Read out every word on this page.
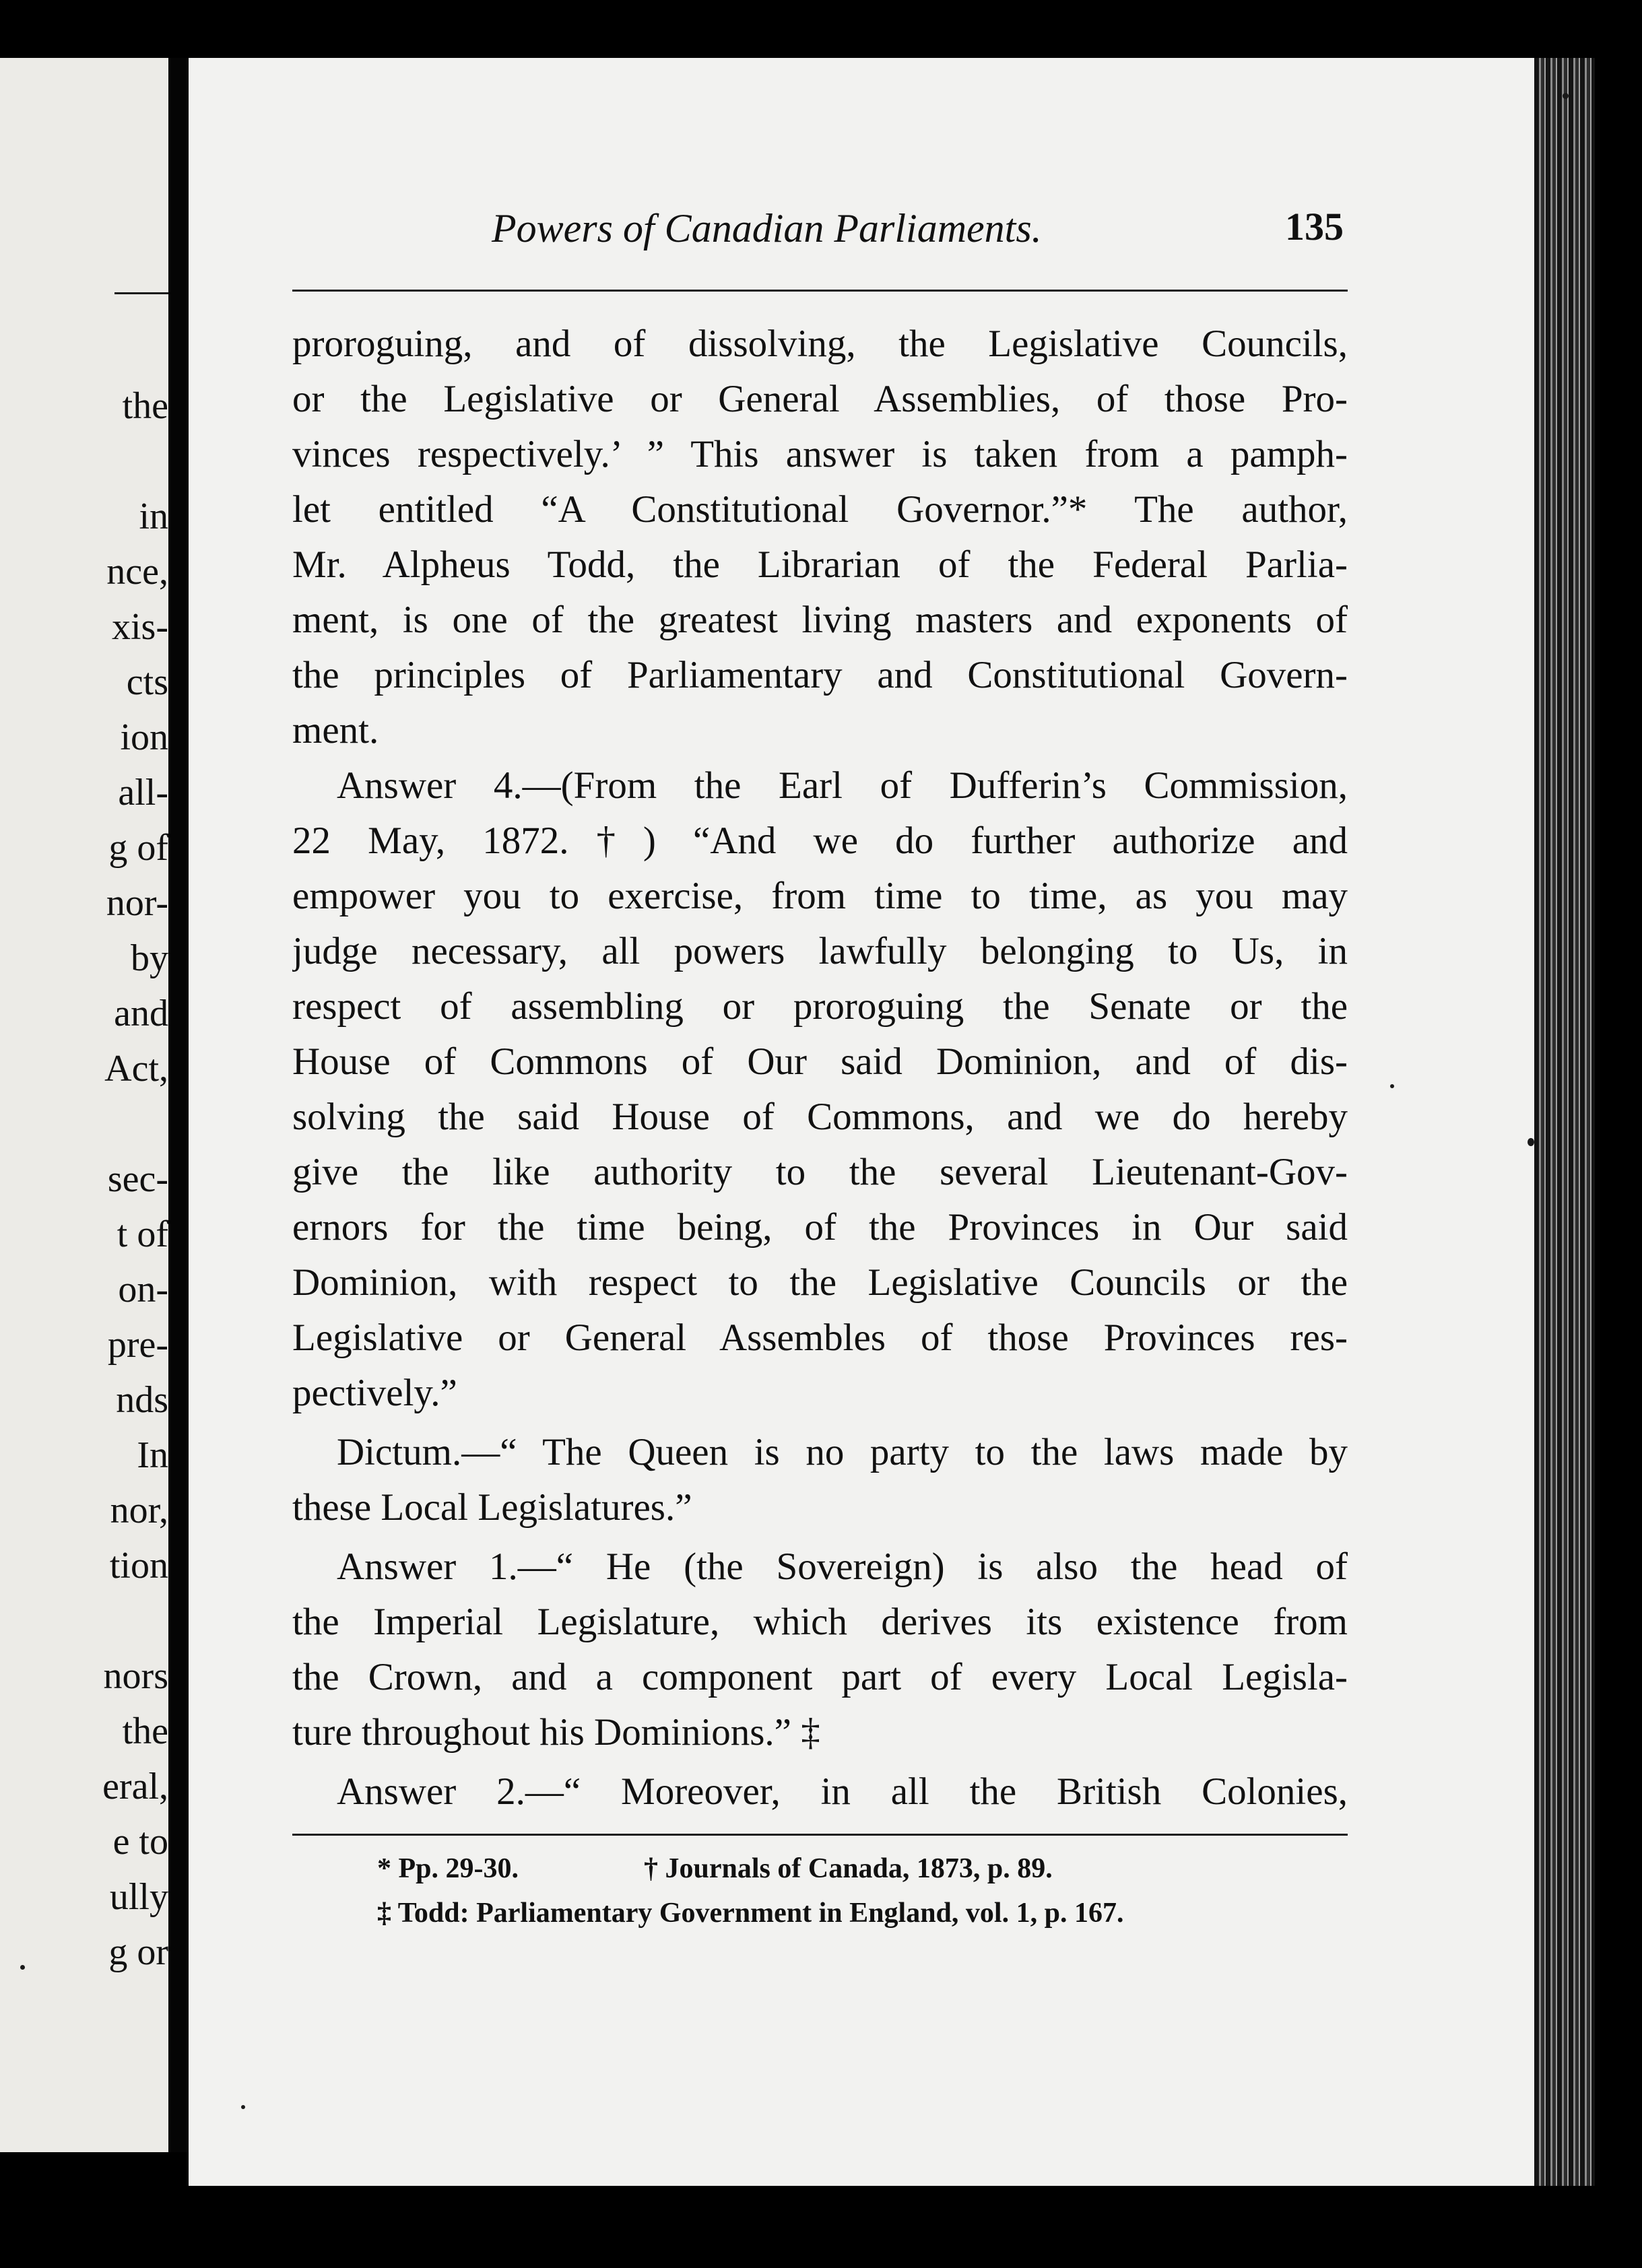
the
in
nce,
xis-
cts
ion
all-
g of
nor-
by
and
Act,
sec-
t of
on-
pre-
nds
In
nor,
tion
nors
the
eral,
e to
ully
g or
Powers of Canadian Parliaments.	135
proroguing, and of dissolving, the Legislative Councils,
or the Legislative or General Assemblies, of those Pro-
vinces respectively.’ ” This answer is taken from a pamph-
let entitled “A Constitutional Governor.”* The author,
Mr. Alpheus Todd, the Librarian of the Federal Parlia-
ment, is one of the greatest living masters and exponents of
the principles of Parliamentary and Constitutional Govern-
ment.
Answer 4.—(From the Earl of Dufferin’s Commission,
22 May, 1872.†) “And we do further authorize and
empower you to exercise, from time to time, as you may
judge necessary, all powers lawfully belonging to Us, in
respect of assembling or proroguing the Senate or the
House of Commons of Our said Dominion, and of dis-
solving the said House of Commons, and we do hereby
give the like authority to the several Lieutenant-Gov-
ernors for the time being, of the Provinces in Our said
Dominion, with respect to the Legislative Councils or the
Legislative or General Assembles of those Provinces res-
pectively.”
Dictum.—“ The Queen is no party to the laws made by
these Local Legislatures.”
Answer 1.—“ He (the Sovereign) is also the head of
the Imperial Legislature, which derives its existence from
the Crown, and a component part of every Local Legisla-
ture throughout his Dominions.” ‡
Answer 2.—“ Moreover, in all the British Colonies,
* Pp. 29-30.	† Journals of Canada, 1873, p. 89.
‡ Todd: Parliamentary Government in England, vol. 1, p. 167.
